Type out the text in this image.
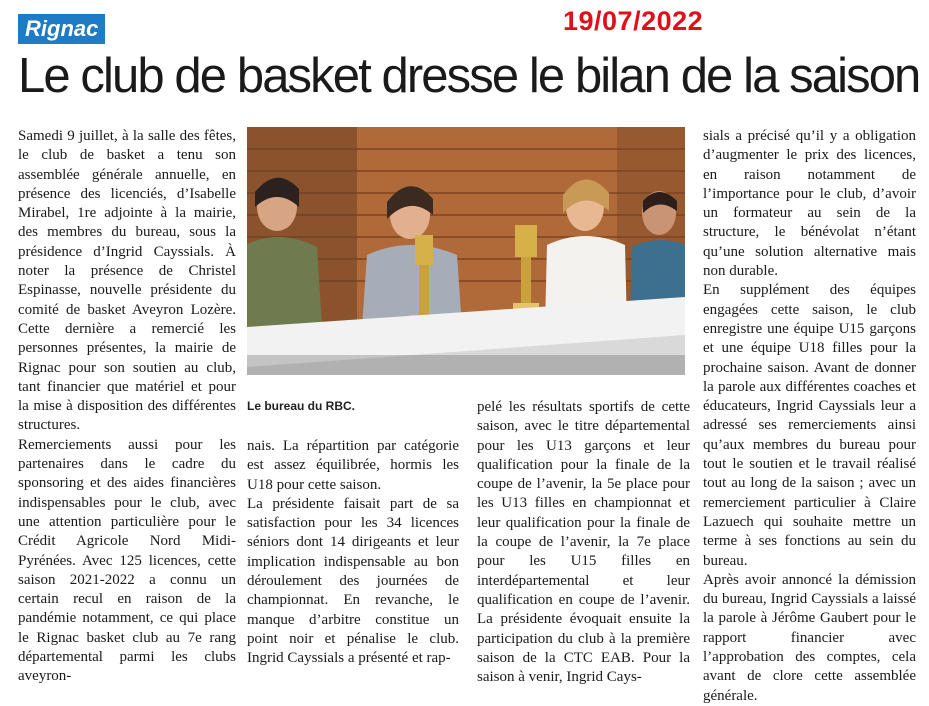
Rignac	19/07/2022
Le club de basket dresse le bilan de la saison

Samedi 9 juillet, à la salle des fêtes, le club de basket a tenu son assemblée générale annuelle, en présence des licenciés, d’Isabelle Mirabel, 1re adjointe à la mairie, des membres du bureau, sous la présidence d’Ingrid Cayssials. À noter la présence de Christel Espinasse, nouvelle présidente du comité de basket Aveyron Lozère. Cette dernière a remercié les personnes présentes, la mairie de Rignac pour son soutien au club, tant financier que matériel et pour la mise à disposition des différentes structures.

Remerciements aussi pour les partenaires dans le cadre du sponsoring et des aides financières indispensables pour le club, avec une attention particulière pour le Crédit Agricole Nord Midi-Pyrénées. Avec 125 licences, cette saison 2021-2022 a connu un certain recul en raison de la pandémie notamment, ce qui place le Rignac basket club au 7e rang départemental parmi les clubs aveyron-

Le bureau du RBC.

nais. La répartition par catégorie est assez équilibrée, hormis les U18 pour cette saison.

La présidente faisait part de sa satisfaction pour les 34 licences séniors dont 14 dirigeants et leur implication indispensable au bon déroulement des journées de championnat. En revanche, le manque d’arbitre constitue un point noir et pénalise le club. Ingrid Cayssials a présenté et rap-

pelé les résultats sportifs de cette saison, avec le titre départemental pour les U13 garçons et leur qualification pour la finale de la coupe de l’avenir, la 5e place pour les U13 filles en championnat et leur qualification pour la finale de la coupe de l’avenir, la 7e place pour les U15 filles en interdépartemental et leur qualification en coupe de l’avenir. La présidente évoquait ensuite la participation du club à la première saison de la CTC EAB. Pour la saison à venir, Ingrid Cays-

sials a précisé qu’il y a obligation d’augmenter le prix des licences, en raison notamment de l’importance pour le club, d’avoir un formateur au sein de la structure, le bénévolat n’étant qu’une solution alternative mais non durable.

En supplément des équipes engagées cette saison, le club enregistre une équipe U15 garçons et une équipe U18 filles pour la prochaine saison. Avant de donner la parole aux différentes coaches et éducateurs, Ingrid Cayssials leur a adressé ses remerciements ainsi qu’aux membres du bureau pour tout le soutien et le travail réalisé tout au long de la saison ; avec un remerciement particulier à Claire Lazuech qui souhaite mettre un terme à ses fonctions au sein du bureau.

Après avoir annoncé la démission du bureau, Ingrid Cayssials a laissé la parole à Jérôme Gaubert pour le rapport financier avec l’approbation des comptes, cela avant de clore cette assemblée générale.
